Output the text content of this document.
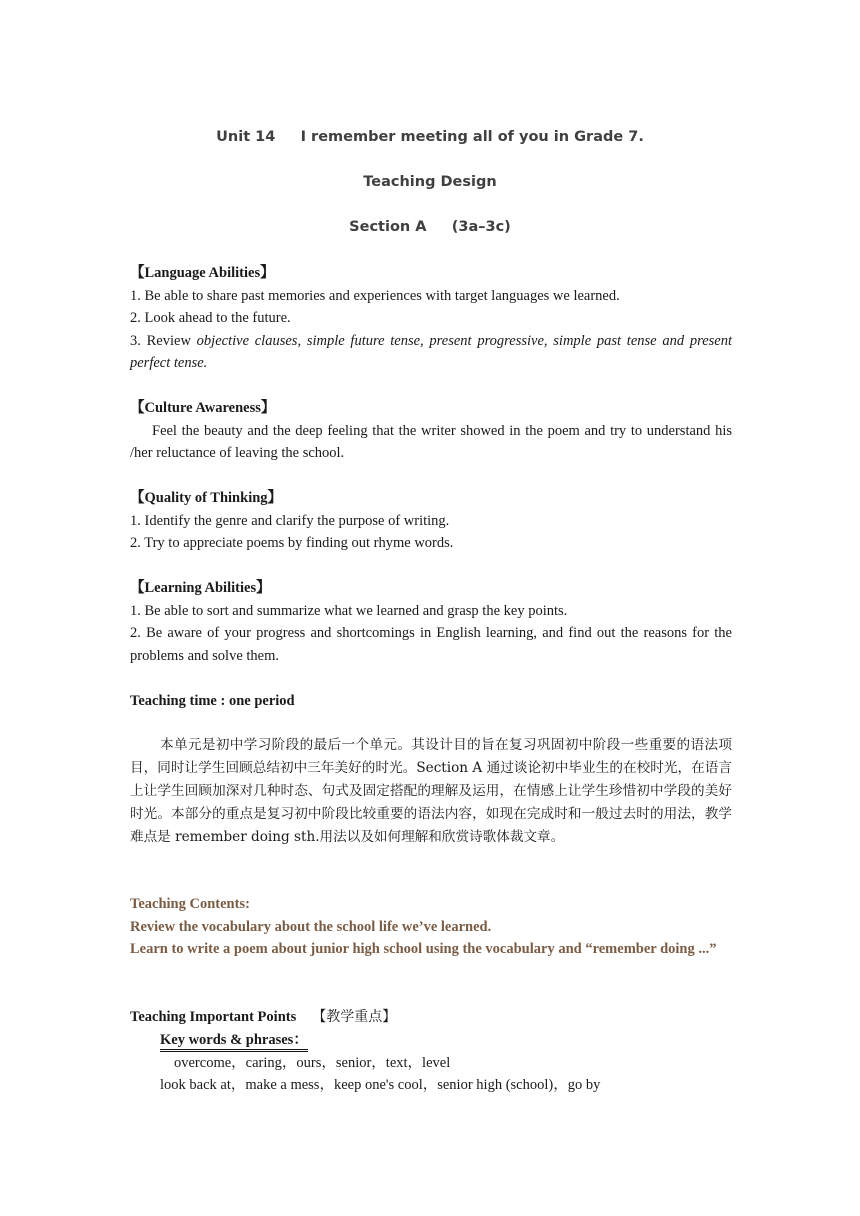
Unit 14     I remember meeting all of you in Grade 7.
Teaching Design
Section A     (3a–3c)
【Language Abilities】
1. Be able to share past memories and experiences with target languages we learned.
2. Look ahead to the future.
3. Review objective clauses, simple future tense, present progressive, simple past tense and present perfect tense.
【Culture Awareness】
Feel the beauty and the deep feeling that the writer showed in the poem and try to understand his /her reluctance of leaving the school.
【Quality of Thinking】
1. Identify the genre and clarify the purpose of writing.
2. Try to appreciate poems by finding out rhyme words.
【Learning Abilities】
1. Be able to sort and summarize what we learned and grasp the key points.
2. Be aware of your progress and shortcomings in English learning, and find out the reasons for the problems and solve them.
Teaching time : one period
本单元是初中学习阶段的最后一个单元。其设计目的旨在复习巩固初中阶段一些重要的语法项目，同时让学生回顾总结初中三年美好的时光。Section A 通过谈论初中毕业生的在校时光，在语言上让学生回顾加深对几种时态、句式及固定搭配的理解及运用，在情感上让学生珍惜初中学段的美好时光。本部分的重点是复习初中阶段比较重要的语法内容，如现在完成时和一般过去时的用法，教学难点是 remember doing sth.用法以及如何理解和欣赏诗歌体裁文章。
Teaching Contents:
Review the vocabulary about the school life we’ve learned.
Learn to write a poem about junior high school using the vocabulary and “remember doing ...”
Teaching Important Points 【教学重点】
Key words & phrases：
overcome，caring，ours，senior，text，level
look back at，make a mess，keep one's cool，senior high (school)，go by
